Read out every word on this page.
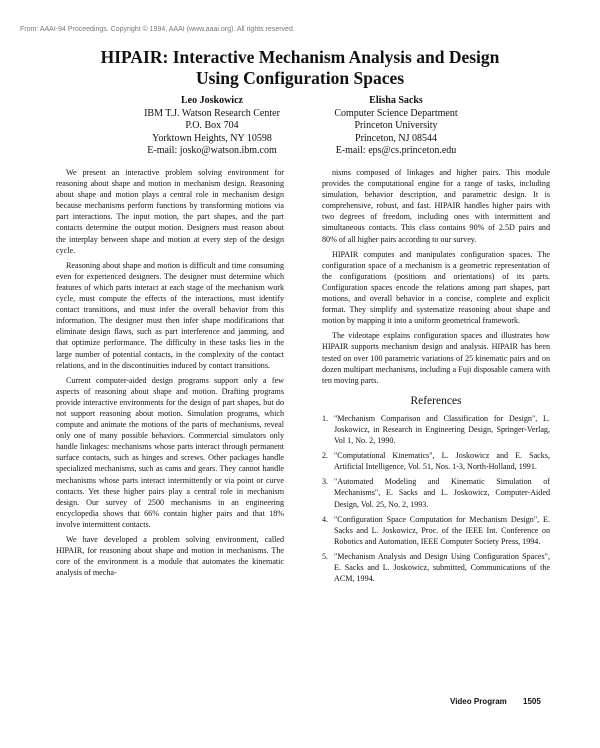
From: AAAI-94 Proceedings. Copyright © 1994, AAAI (www.aaai.org). All rights reserved.
HIPAIR: Interactive Mechanism Analysis and Design
Using Configuration Spaces
Leo Joskowicz
IBM T.J. Watson Research Center
P.O. Box 704
Yorktown Heights, NY 10598
E-mail: josko@watson.ibm.com
Elisha Sacks
Computer Science Department
Princeton University
Princeton, NJ 08544
E-mail: eps@cs.princeton.edu

We present an interactive problem solving environment for reasoning about shape and motion in mechanism design. Reasoning about shape and motion plays a central role in mechanism design because mechanisms perform functions by transforming motions via part interactions. The input motion, the part shapes, and the part contacts determine the output motion. Designers must reason about the interplay between shape and motion at every step of the design cycle.

Reasoning about shape and motion is difficult and time consuming even for experienced designers. The designer must determine which features of which parts interact at each stage of the mechanism work cycle, must compute the effects of the interactions, must identify contact transitions, and must infer the overall behavior from this information. The designer must then infer shape modifications that eliminate design flaws, such as part interference and jamming, and that optimize performance. The difficulty in these tasks lies in the large number of potential contacts, in the complexity of the contact relations, and in the discontinuities induced by contact transitions.

Current computer-aided design programs support only a few aspects of reasoning about shape and motion. Drafting programs provide interactive environments for the design of part shapes, but do not support reasoning about motion. Simulation programs, which compute and animate the motions of the parts of mechanisms, reveal only one of many possible behaviors. Commercial simulators only handle linkages: mechanisms whose parts interact through permanent surface contacts, such as hinges and screws. Other packages handle specialized mechanisms, such as cams and gears. They cannot handle mechanisms whose parts interact intermittently or via point or curve contacts. Yet these higher pairs play a central role in mechanism design. Our survey of 2500 mechanisms in an engineering encyclopedia shows that 66% contain higher pairs and that 18% involve intermittent contacts.

We have developed a problem solving environment, called HIPAIR, for reasoning about shape and motion in mechanisms. The core of the environment is a module that automates the kinematic analysis of mecha-

nisms composed of linkages and higher pairs. This module provides the computational engine for a range of tasks, including simulation, behavior description, and parametric design. It is comprehensive, robust, and fast. HIPAIR handles higher pairs with two degrees of freedom, including ones with intermittent and simultaneous contacts. This class contains 90% of 2.5D pairs and 80% of all higher pairs according to our survey.

HIPAIR computes and manipulates configuration spaces. The configuration space of a mechanism is a geometric representation of the configurations (positions and orientations) of its parts. Configuration spaces encode the relations among part shapes, part motions, and overall behavior in a concise, complete and explicit format. They simplify and systematize reasoning about shape and motion by mapping it into a uniform geometrical framework.

The videotape explains configuration spaces and illustrates how HIPAIR supports mechanism design and analysis. HIPAIR has been tested on over 100 parametric variations of 25 kinematic pairs and on dozen multipart mechanisms, including a Fuji disposable camera with ten moving parts.

References
1. "Mechanism Comparison and Classification for Design", L. Joskowicz, in Research in Engineering Design, Springer-Verlag, Vol 1, No. 2, 1990.
2. "Computational Kinematics", L. Joskowicz and E. Sacks, Artificial Intelligence, Vol. 51, Nos. 1-3, North-Holland, 1991.
3. "Automated Modeling and Kinematic Simulation of Mechanisms", E. Sacks and L. Joskowicz, Computer-Aided Design, Vol. 25, No. 2, 1993.
4. "Configuration Space Computation for Mechanism Design", E. Sacks and L. Joskowicz, Proc. of the IEEE Int. Conference on Robotics and Automation, IEEE Computer Society Press, 1994.
5. "Mechanism Analysis and Design Using Configuration Spaces", E. Sacks and L. Joskowicz, submitted, Communications of the ACM, 1994.
Video Program 1505
